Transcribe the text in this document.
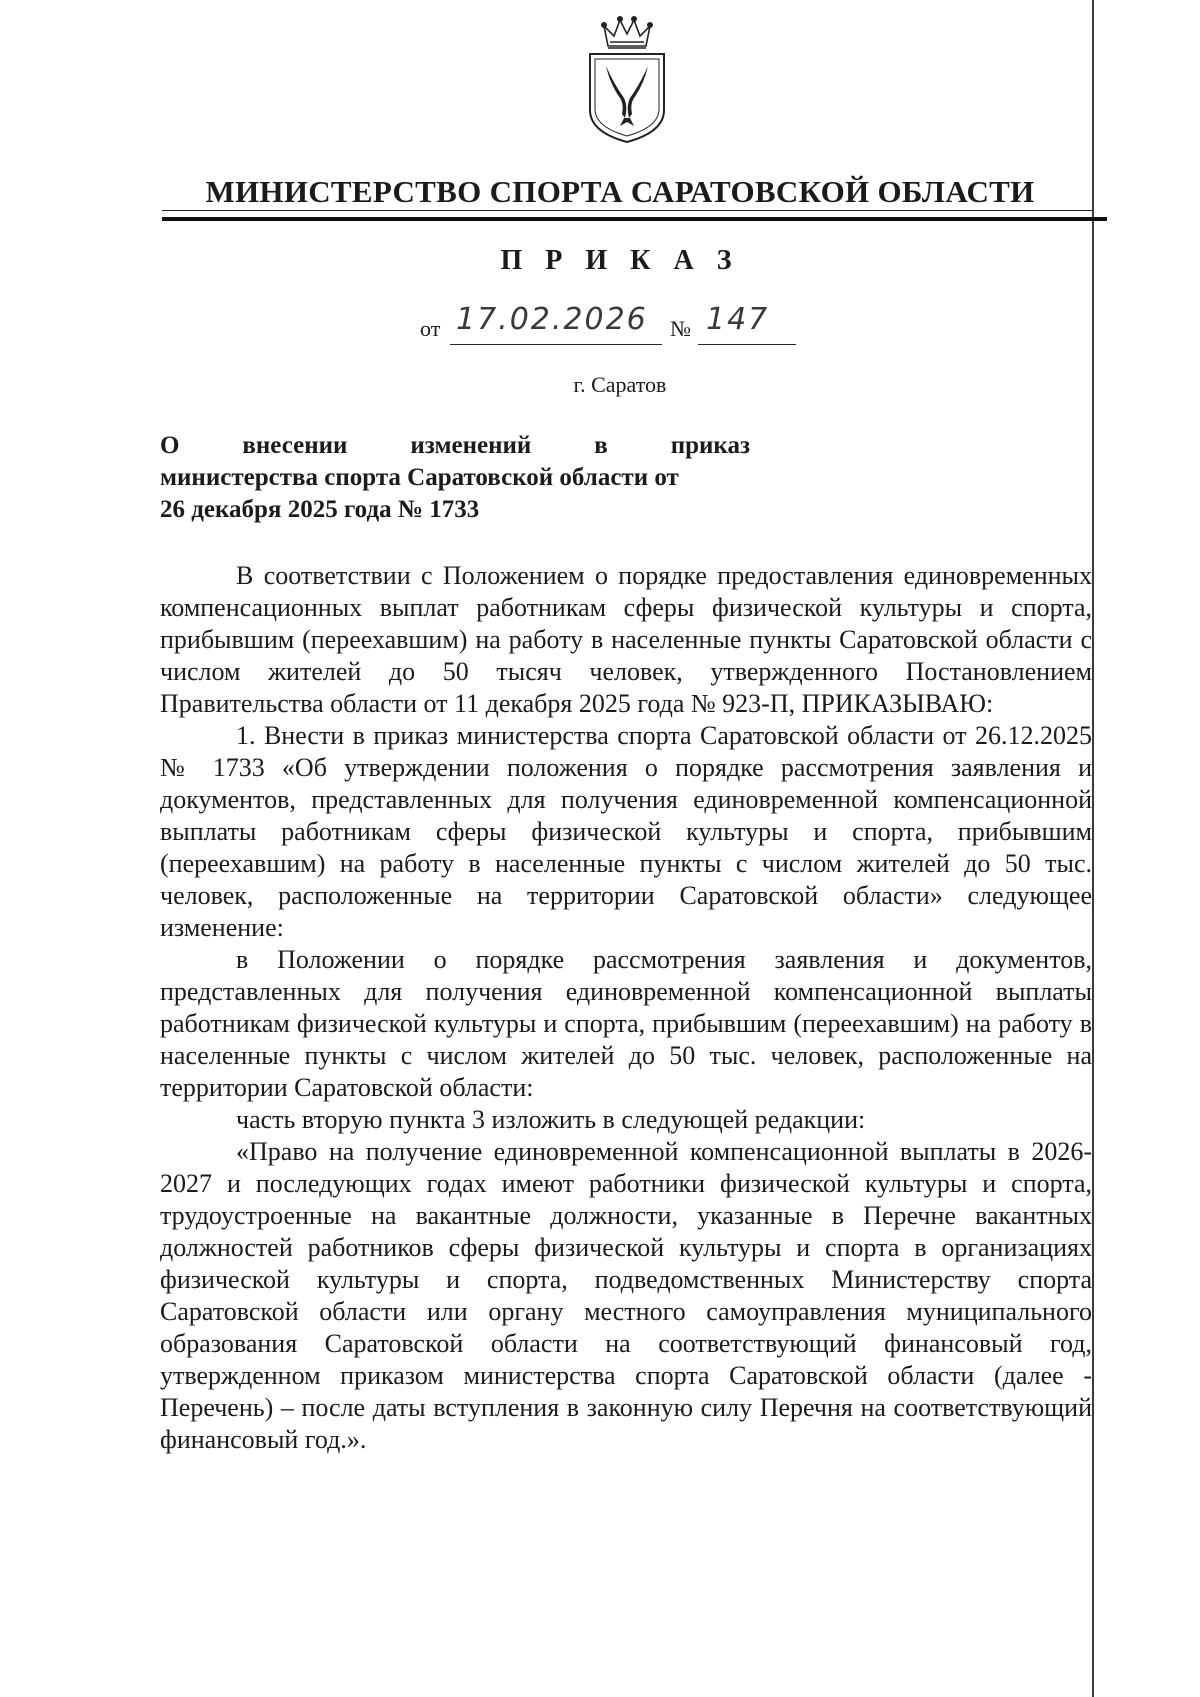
МИНИСТЕРСТВО СПОРТА САРАТОВСКОЙ ОБЛАСТИ
П Р И К А З
от 17.02.2026 № 147
г. Саратов
О внесении изменений в приказ
министерства спорта Саратовской области от
26 декабря 2025 года № 1733

В соответствии с Положением о порядке предоставления единовременных компенсационных выплат работникам сферы физической культуры и спорта, прибывшим (переехавшим) на работу в населенные пункты Саратовской области с числом жителей до 50 тысяч человек, утвержденного Постановлением Правительства области от 11 декабря 2025 года № 923-П, ПРИКАЗЫВАЮ:

1. Внести в приказ министерства спорта Саратовской области от 26.12.2025 № 1733 «Об утверждении положения о порядке рассмотрения заявления и документов, представленных для получения единовременной компенсационной выплаты работникам сферы физической культуры и спорта, прибывшим (переехавшим) на работу в населенные пункты с числом жителей до 50 тыс. человек, расположенные на территории Саратовской области» следующее изменение:

в Положении о порядке рассмотрения заявления и документов, представленных для получения единовременной компенсационной выплаты работникам физической культуры и спорта, прибывшим (переехавшим) на работу в населенные пункты с числом жителей до 50 тыс. человек, расположенные на территории Саратовской области:

часть вторую пункта 3 изложить в следующей редакции:

«Право на получение единовременной компенсационной выплаты в 2026- 2027 и последующих годах имеют работники физической культуры и спорта, трудоустроенные на вакантные должности, указанные в Перечне вакантных должностей работников сферы физической культуры и спорта в организациях физической культуры и спорта, подведомственных Министерству спорта Саратовской области или органу местного самоуправления муниципального образования Саратовской области на соответствующий финансовый год, утвержденном приказом министерства спорта Саратовской области (далее - Перечень) – после даты вступления в законную силу Перечня на соответствующий финансовый год.».
